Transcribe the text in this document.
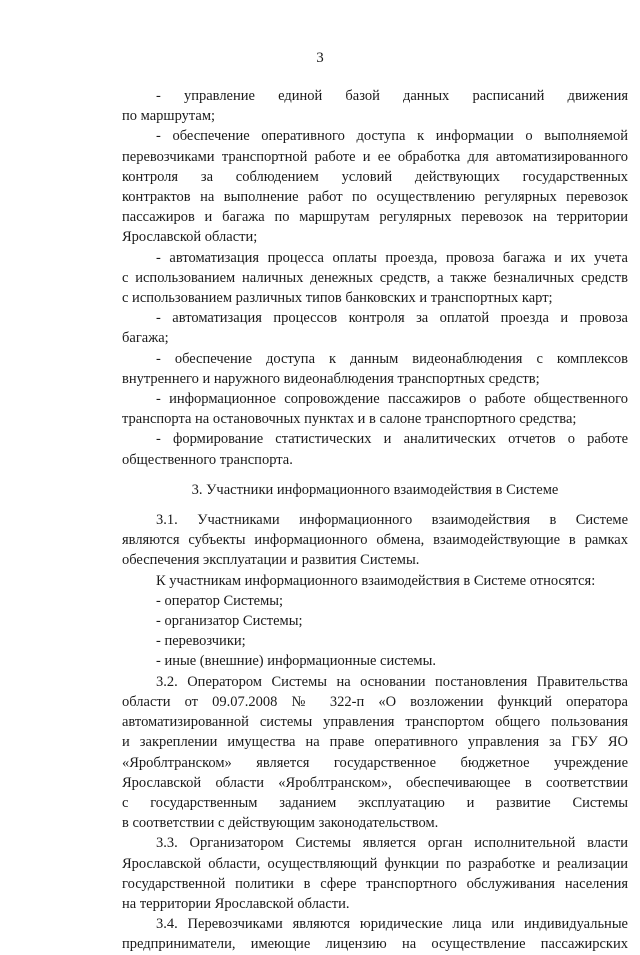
3
- управление единой базой данных расписаний движения
по маршрутам;
- обеспечение оперативного доступа к информации о выполняемой
перевозчиками транспортной работе и ее обработка для автоматизированного
контроля за соблюдением условий действующих государственных
контрактов на выполнение работ по осуществлению регулярных перевозок
пассажиров и багажа по маршрутам регулярных перевозок на территории
Ярославской области;
- автоматизация процесса оплаты проезда, провоза багажа и их учета
с использованием наличных денежных средств, а также безналичных средств
с использованием различных типов банковских и транспортных карт;
- автоматизация процессов контроля за оплатой проезда и провоза
багажа;
- обеспечение доступа к данным видеонаблюдения с комплексов
внутреннего и наружного видеонаблюдения транспортных средств;
- информационное сопровождение пассажиров о работе общественного
транспорта на остановочных пунктах и в салоне транспортного средства;
- формирование статистических и аналитических отчетов о работе
общественного транспорта.
3. Участники информационного взаимодействия в Системе
3.1. Участниками информационного взаимодействия в Системе
являются субъекты информационного обмена, взаимодействующие в рамках
обеспечения эксплуатации и развития Системы.
К участникам информационного взаимодействия в Системе относятся:
- оператор Системы;
- организатор Системы;
- перевозчики;
- иные (внешние) информационные системы.
3.2. Оператором Системы на основании постановления Правительства
области от 09.07.2008 № 322-п «О возложении функций оператора
автоматизированной системы управления транспортом общего пользования
и закреплении имущества на праве оперативного управления за ГБУ ЯО
«Яроблтранском» является государственное бюджетное учреждение
Ярославской области «Яроблтранском», обеспечивающее в соответствии
с государственным заданием эксплуатацию и развитие Системы
в соответствии с действующим законодательством.
3.3. Организатором Системы является орган исполнительной власти
Ярославской области, осуществляющий функции по разработке и реализации
государственной политики в сфере транспортного обслуживания населения
на территории Ярославской области.
3.4. Перевозчиками являются юридические лица или индивидуальные
предприниматели, имеющие лицензию на осуществление пассажирских
